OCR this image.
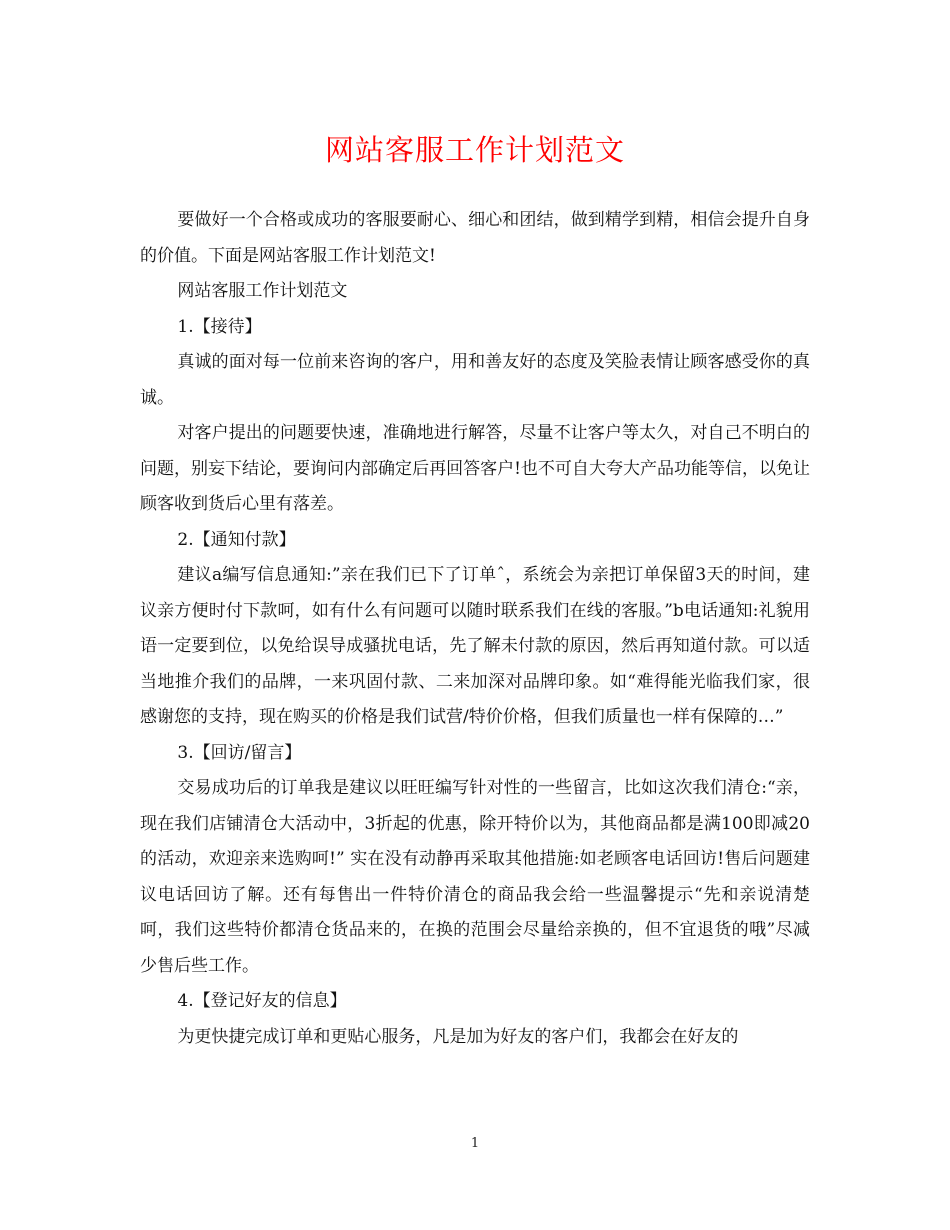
网站客服工作计划范文

要做好一个合格或成功的客服要耐心、细心和团结，做到精学到精，相信会提升自身的价值。下面是网站客服工作计划范文!

网站客服工作计划范文

1.【接待】

真诚的面对每一位前来咨询的客户，用和善友好的态度及笑脸表情让顾客感受你的真诚。

对客户提出的问题要快速，准确地进行解答，尽量不让客户等太久，对自己不明白的问题，别妄下结论，要询问内部确定后再回答客户!也不可自大夸大产品功能等信，以免让顾客收到货后心里有落差。

2.【通知付款】

建议a编写信息通知:”亲在我们已下了订单ˆ，系统会为亲把订单保留3天的时间，建议亲方便时付下款呵，如有什么有问题可以随时联系我们在线的客服。”b电话通知:礼貌用语一定要到位，以免给误导成骚扰电话，先了解未付款的原因，然后再知道付款。可以适当地推介我们的品牌，一来巩固付款、二来加深对品牌印象。如“难得能光临我们家，很感谢您的支持，现在购买的价格是我们试营/特价价格，但我们质量也一样有保障的…”

3.【回访/留言】

交易成功后的订单我是建议以旺旺编写针对性的一些留言，比如这次我们清仓:“亲，现在我们店铺清仓大活动中，3折起的优惠，除开特价以为，其他商品都是满100即减20的活动，欢迎亲来选购呵!” 实在没有动静再采取其他措施:如老顾客电话回访!售后问题建议电话回访了解。还有每售出一件特价清仓的商品我会给一些温馨提示“先和亲说清楚呵，我们这些特价都清仓货品来的，在换的范围会尽量给亲换的，但不宜退货的哦”尽减少售后些工作。

4.【登记好友的信息】

为更快捷完成订单和更贴心服务，凡是加为好友的客户们，我都会在好友的

1
